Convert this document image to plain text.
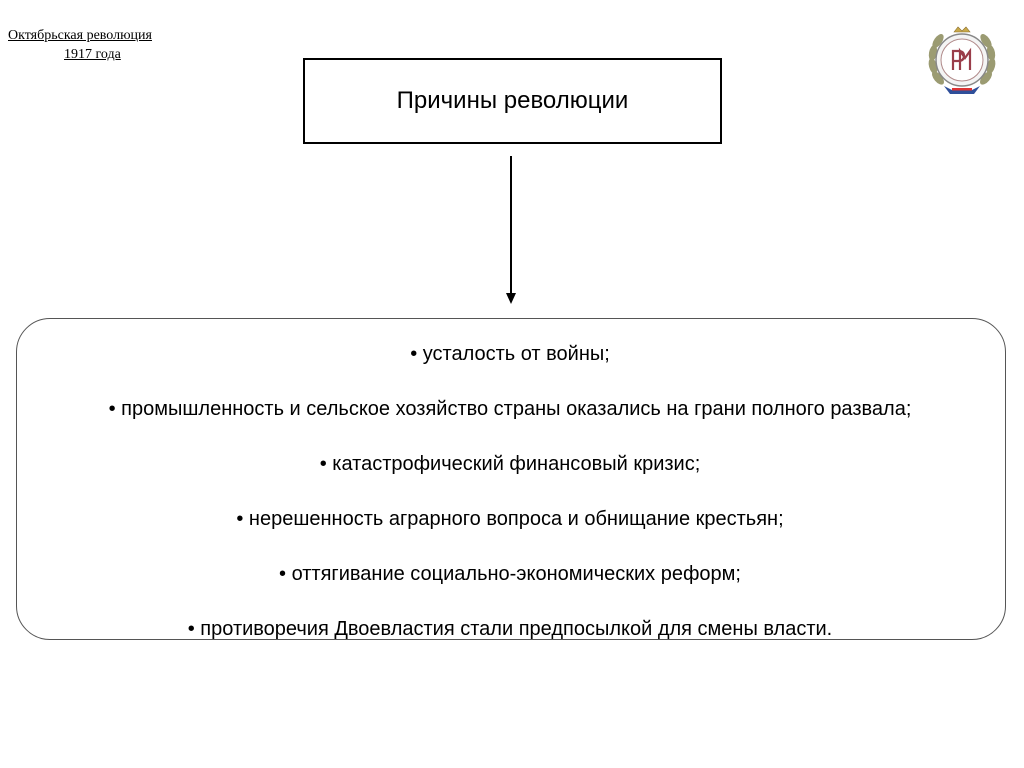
Октябрьская революция
1917 года
Причины революции
• усталость от войны;
• промышленность и сельское хозяйство страны оказались на грани полного развала;
• катастрофический финансовый кризис;
• нерешенность аграрного вопроса и обнищание крестьян;
• оттягивание социально-экономических реформ;
• противоречия Двоевластия стали предпосылкой для смены власти.
